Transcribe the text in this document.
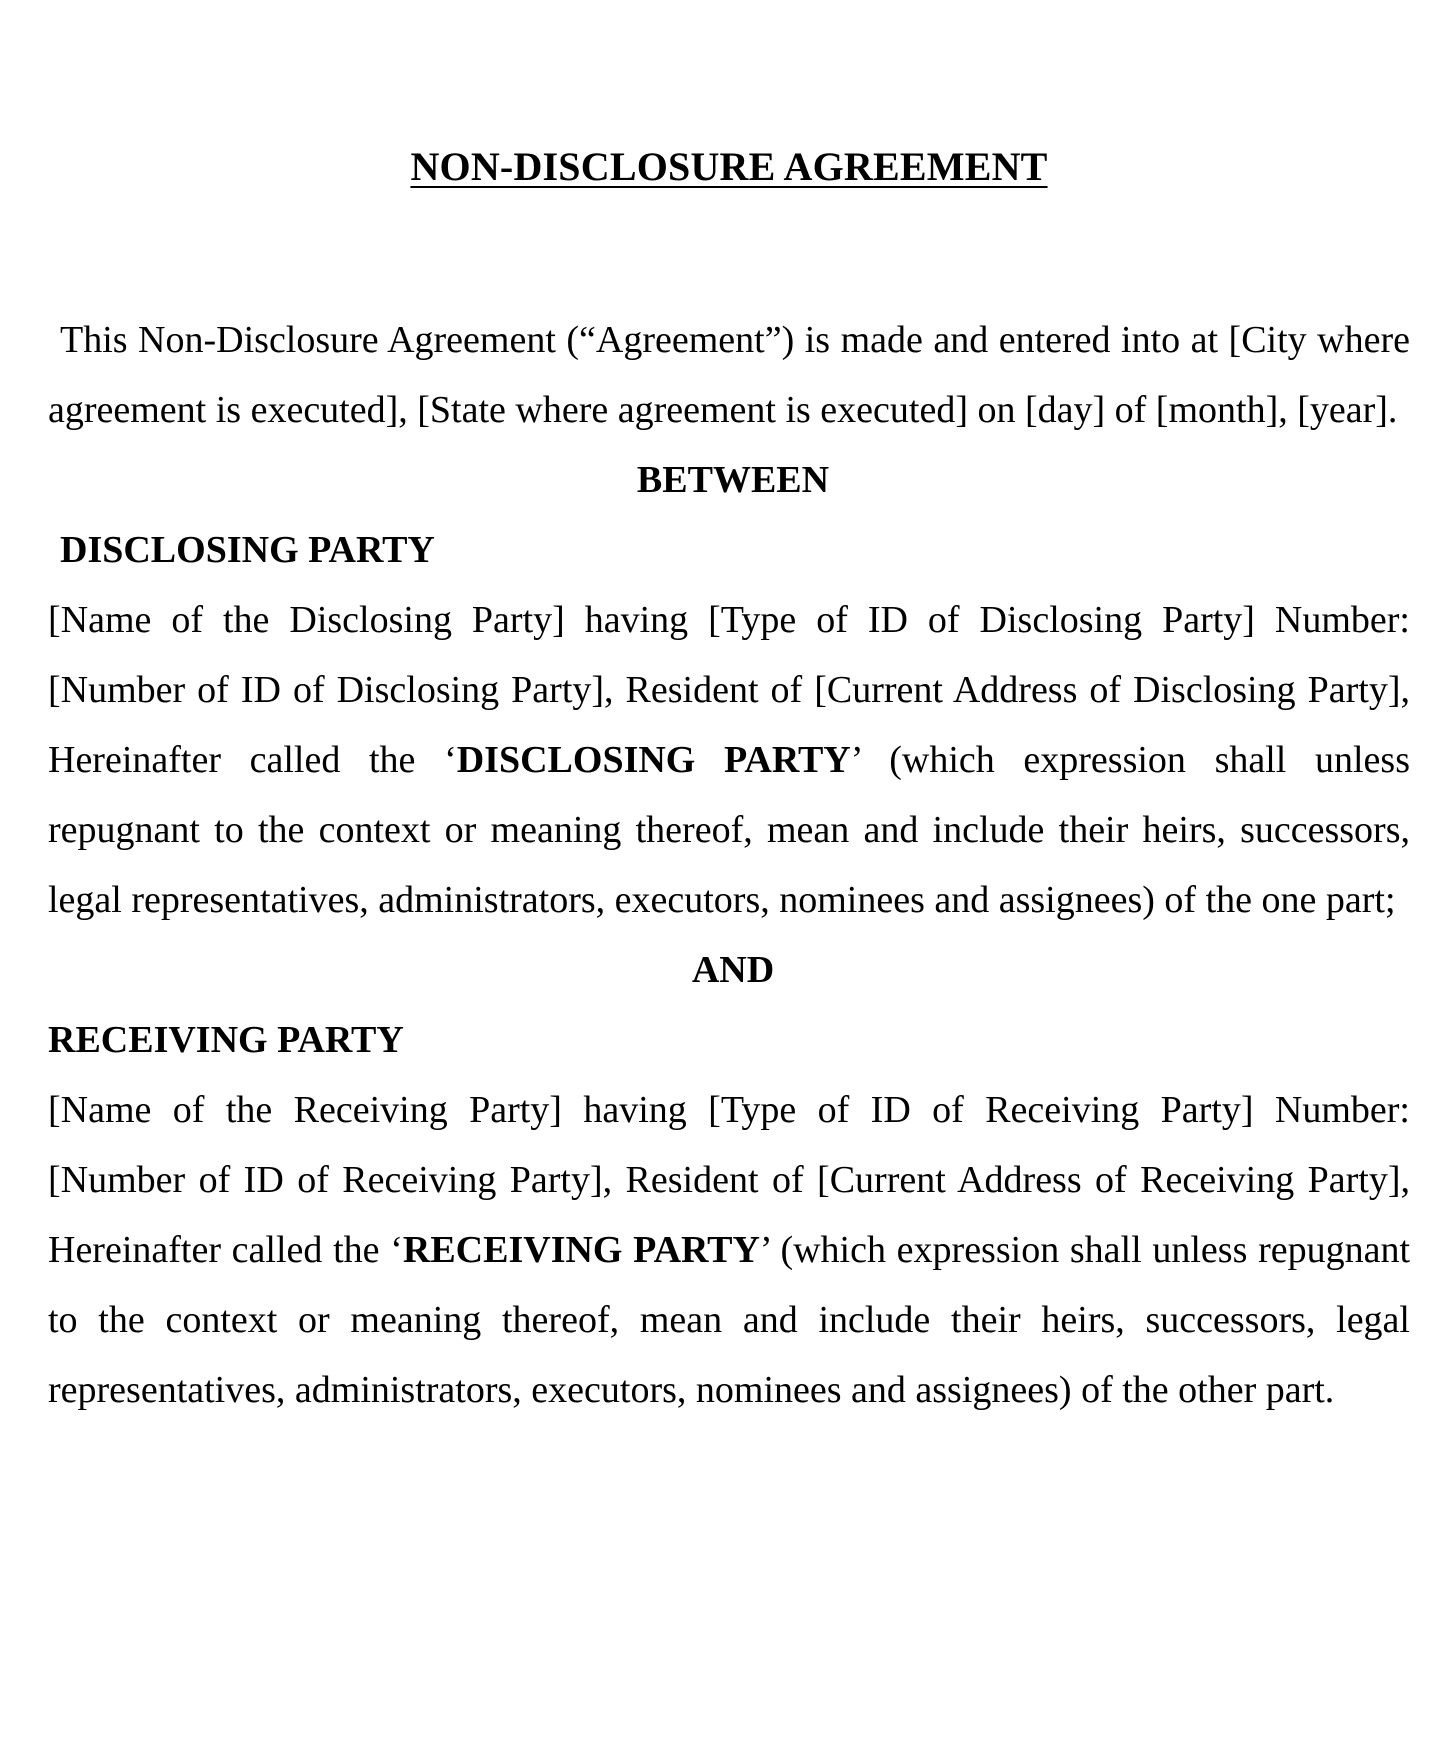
NON-DISCLOSURE AGREEMENT

This Non-Disclosure Agreement (“Agreement”) is made and entered into at [City where agreement is executed], [State where agreement is executed] on [day] of [month], [year].

BETWEEN

DISCLOSING PARTY

[Name of the Disclosing Party] having [Type of ID of Disclosing Party] Number: [Number of ID of Disclosing Party], Resident of [Current Address of Disclosing Party], Hereinafter called the ‘DISCLOSING PARTY’ (which expression shall unless repugnant to the context or meaning thereof, mean and include their heirs, successors, legal representatives, administrators, executors, nominees and assignees) of the one part;

AND

RECEIVING PARTY

[Name of the Receiving Party] having [Type of ID of Receiving Party] Number: [Number of ID of Receiving Party], Resident of [Current Address of Receiving Party], Hereinafter called the ‘RECEIVING PARTY’ (which expression shall unless repugnant to the context or meaning thereof, mean and include their heirs, successors, legal representatives, administrators, executors, nominees and assignees) of the other part.
